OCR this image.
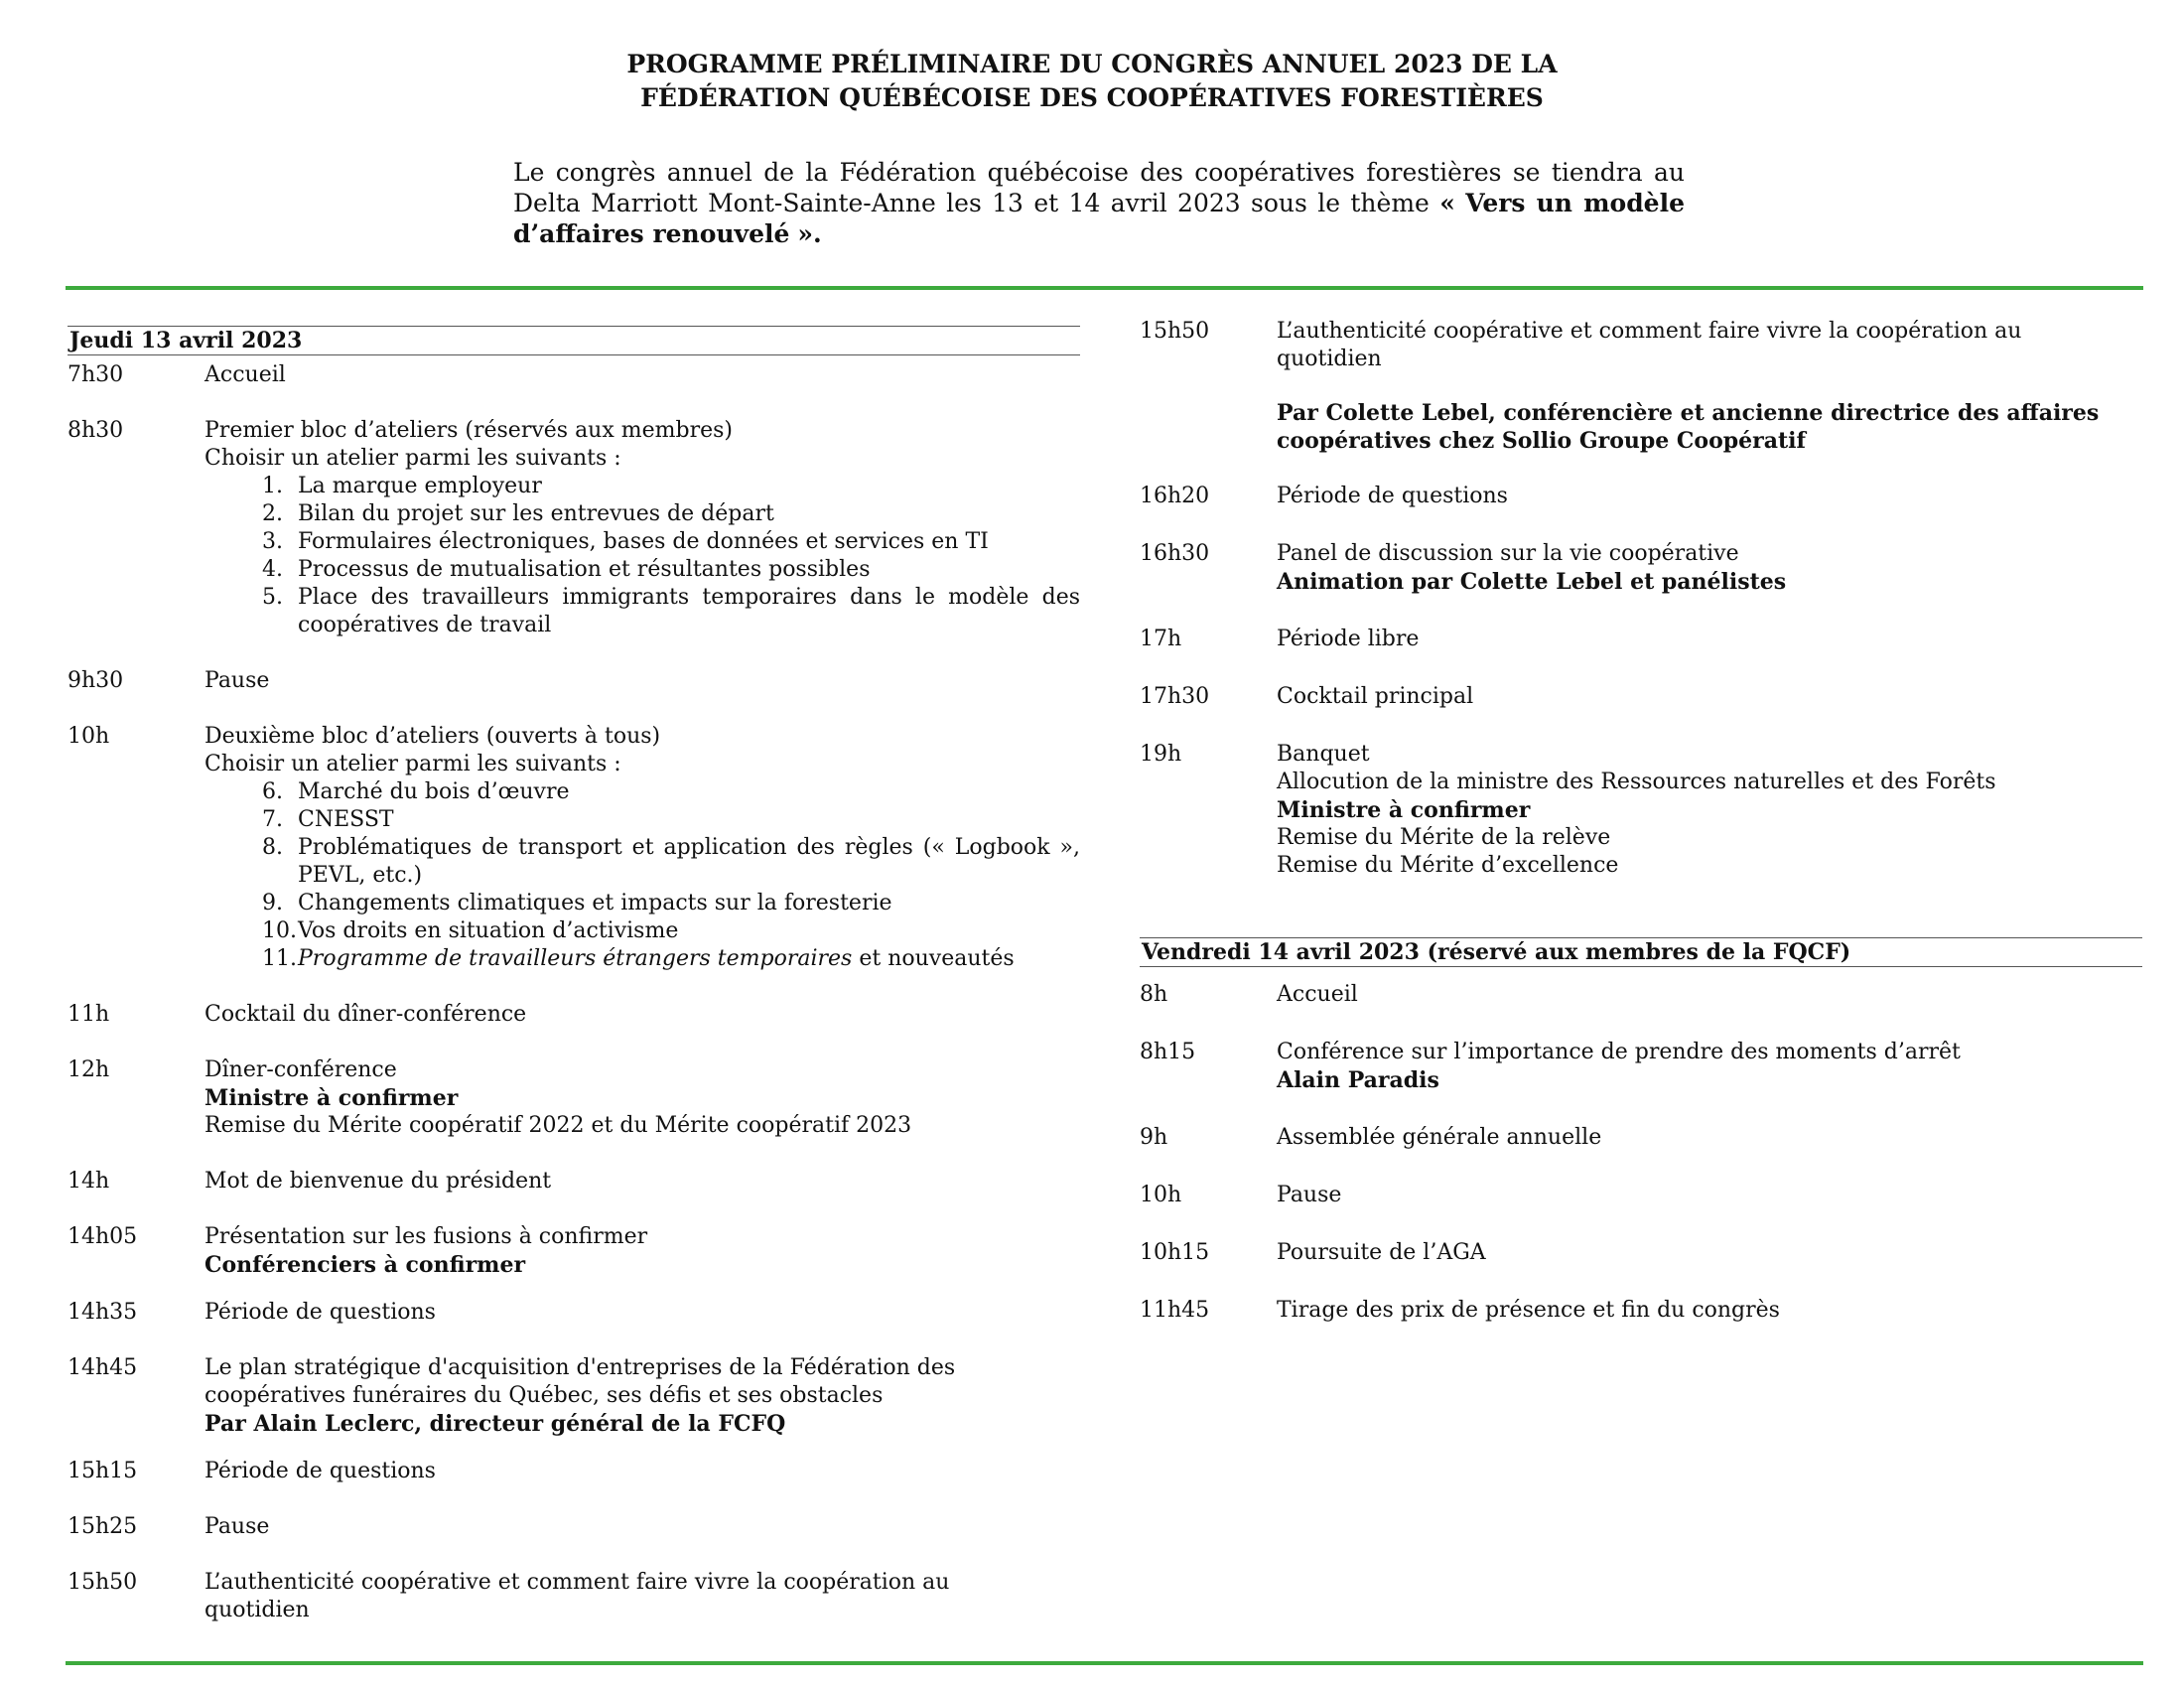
PROGRAMME PRÉLIMINAIRE DU CONGRÈS ANNUEL 2023 DE LA
FÉDÉRATION QUÉBÉCOISE DES COOPÉRATIVES FORESTIÈRES
Le congrès annuel de la Fédération québécoise des coopératives forestières se tiendra au Delta Marriott Mont-Sainte-Anne les 13 et 14 avril 2023 sous le thème « Vers un modèle d’affaires renouvelé ».
Jeudi 13 avril 2023
7h30	Accueil
8h30	Premier bloc d’ateliers (réservés aux membres)
Choisir un atelier parmi les suivants :
1. La marque employeur
2. Bilan du projet sur les entrevues de départ
3. Formulaires électroniques, bases de données et services en TI
4. Processus de mutualisation et résultantes possibles
5. Place des travailleurs immigrants temporaires dans le modèle des coopératives de travail
9h30	Pause
10h	Deuxième bloc d’ateliers (ouverts à tous)
Choisir un atelier parmi les suivants :
6. Marché du bois d’œuvre
7. CNESST
8. Problématiques de transport et application des règles (« Logbook », PEVL, etc.)
9. Changements climatiques et impacts sur la foresterie
10. Vos droits en situation d’activisme
11. Programme de travailleurs étrangers temporaires et nouveautés
11h	Cocktail du dîner-conférence
12h	Dîner-conférence
Ministre à confirmer
Remise du Mérite coopératif 2022 et du Mérite coopératif 2023
14h	Mot de bienvenue du président
14h05	Présentation sur les fusions à confirmer
Conférenciers à confirmer
14h35	Période de questions
14h45	Le plan stratégique d'acquisition d'entreprises de la Fédération des coopératives funéraires du Québec, ses défis et ses obstacles
Par Alain Leclerc, directeur général de la FCFQ
15h15	Période de questions
15h25	Pause
15h50	L’authenticité coopérative et comment faire vivre la coopération au quotidien
15h50	L’authenticité coopérative et comment faire vivre la coopération au quotidien
Par Colette Lebel, conférencière et ancienne directrice des affaires coopératives chez Sollio Groupe Coopératif
16h20	Période de questions
16h30	Panel de discussion sur la vie coopérative
Animation par Colette Lebel et panélistes
17h	Période libre
17h30	Cocktail principal
19h	Banquet
Allocution de la ministre des Ressources naturelles et des Forêts
Ministre à confirmer
Remise du Mérite de la relève
Remise du Mérite d’excellence
Vendredi 14 avril 2023 (réservé aux membres de la FQCF)
8h	Accueil
8h15	Conférence sur l’importance de prendre des moments d’arrêt
Alain Paradis
9h	Assemblée générale annuelle
10h	Pause
10h15	Poursuite de l’AGA
11h45	Tirage des prix de présence et fin du congrès
